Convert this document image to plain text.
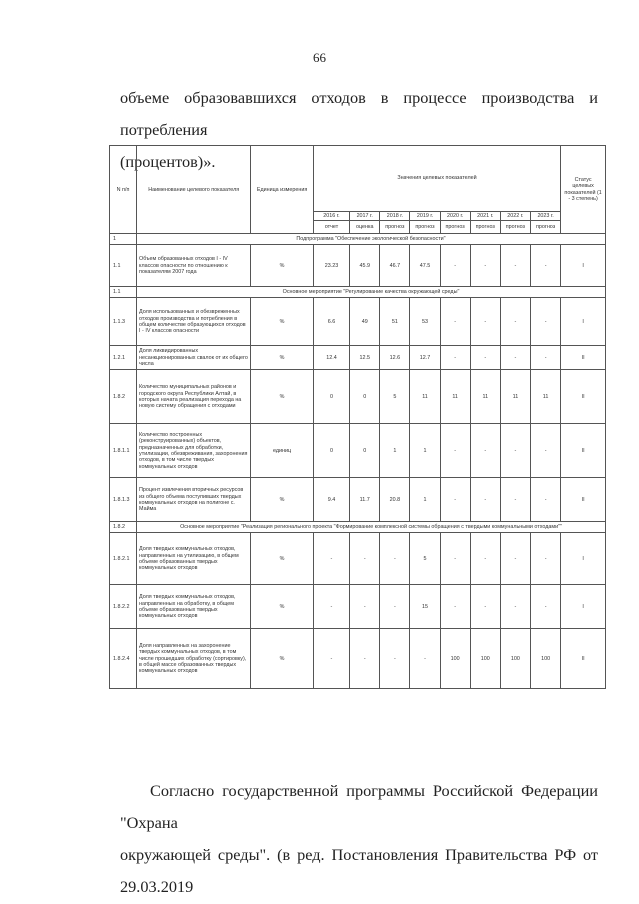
66
объеме образовавшихся отходов в процессе производства и потребления
(процентов)».
N п/п	Наименование целевого показателя	Единица измерения	Значения целевых показателей								Статус целевых показателей (1 - 3 степень)
			2016 г.	2017 г.	2018 г.	2019 г.	2020 г.	2021 г.	2022 г.	2023 г.	
			отчет	оценка	прогноз	прогноз	прогноз	прогноз	прогноз	прогноз	
1	Подпрограмма "Обеспечение экологической безопасности"										
1.1	Объем образованных отходов I - IV классов опасности по отношению к показателям 2007 года	%	23.23	45.9	46.7	47.5	-	-	-	-	I
1.1	Основное мероприятие "Регулирование качества окружающей среды"										
1.1.3	Доля использованных и обезвреженных отходов производства и потребления в общем количестве образующихся отходов I - IV классов опасности	%	6.6	49	51	53	-	-	-	-	I
1.2.1	Доля ликвидированных несанкционированных свалок от их общего числа	%	12.4	12.5	12.6	12.7	-	-	-	-	II
1.8.2	Количество муниципальных районов и городского округа Республики Алтай, в которых начата реализация перехода на новую систему обращения с отходами	%	0	0	5	11	11	11	11	11	II
1.8.1.1	Количество построенных (реконструированных) объектов, предназначенных для обработки, утилизации, обезвреживания, захоронения отходов, в том числе твердых коммунальных отходов	единиц	0	0	1	1	-	-	-	-	II
1.8.1.3	Процент извлечения вторичных ресурсов из общего объема поступивших твердых коммунальных отходов на полигоне с. Майма	%	9.4	11.7	20.8	1	-	-	-	-	II
1.8.2	Основное мероприятие "Реализация регионального проекта "Формирование комплексной системы обращения с твердыми коммунальными отходами""										
1.8.2.1	Доля твердых коммунальных отходов, направленных на утилизацию, в общем объеме образованных твердых коммунальных отходов	%	-	-	-	5	-	-	-	-	I
1.8.2.2	Доля твердых коммунальных отходов, направленных на обработку, в общем объеме образованных твердых коммунальных отходов	%	-	-	-	15	-	-	-	-	I
1.8.2.4	Доля направленных на захоронение твердых коммунальных отходов, в том числе прошедших обработку (сортировку), в общей массе образованных твердых коммунальных отходов	%	-	-	-	-	100	100	100	100	II
Согласно государственной программы Российской Федерации "Охрана
окружающей среды". (в ред. Постановления Правительства РФ от 29.03.2019
